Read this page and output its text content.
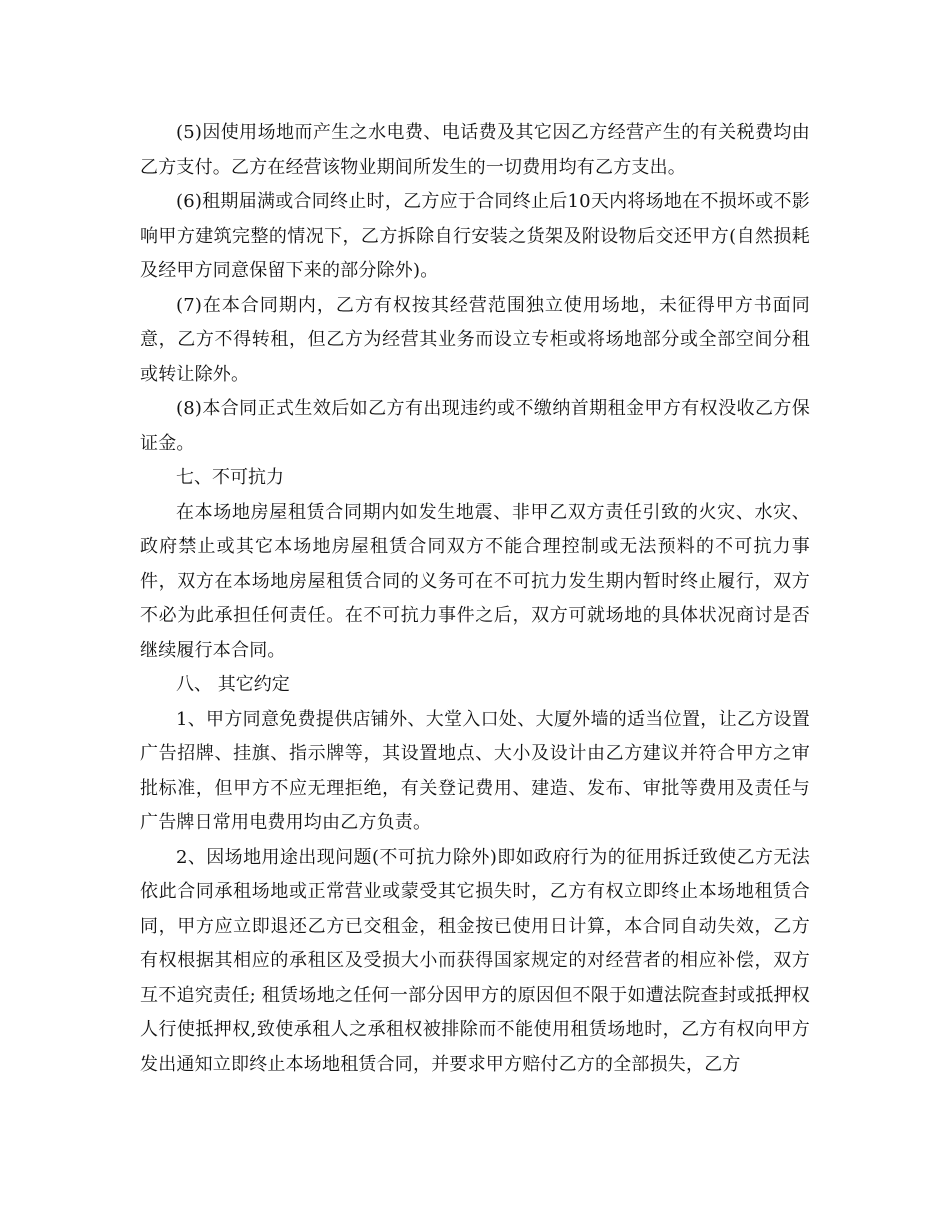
(5)因使用场地而产生之水电费、电话费及其它因乙方经营产生的有关税费均由乙方支付。乙方在经营该物业期间所发生的一切费用均有乙方支出。

(6)租期届满或合同终止时，乙方应于合同终止后10天内将场地在不损坏或不影响甲方建筑完整的情况下，乙方拆除自行安装之货架及附设物后交还甲方(自然损耗及经甲方同意保留下来的部分除外)。

(7)在本合同期内，乙方有权按其经营范围独立使用场地，未征得甲方书面同意，乙方不得转租，但乙方为经营其业务而设立专柜或将场地部分或全部空间分租或转让除外。

(8)本合同正式生效后如乙方有出现违约或不缴纳首期租金甲方有权没收乙方保证金。

七、不可抗力

在本场地房屋租赁合同期内如发生地震、非甲乙双方责任引致的火灾、水灾、政府禁止或其它本场地房屋租赁合同双方不能合理控制或无法预料的不可抗力事件，双方在本场地房屋租赁合同的义务可在不可抗力发生期内暂时终止履行，双方不必为此承担任何责任。在不可抗力事件之后，双方可就场地的具体状况商讨是否继续履行本合同。

八、 其它约定

1、甲方同意免费提供店铺外、大堂入口处、大厦外墙的适当位置，让乙方设置广告招牌、挂旗、指示牌等，其设置地点、大小及设计由乙方建议并符合甲方之审批标准，但甲方不应无理拒绝，有关登记费用、建造、发布、审批等费用及责任与广告牌日常用电费用均由乙方负责。

2、因场地用途出现问题(不可抗力除外)即如政府行为的征用拆迁致使乙方无法依此合同承租场地或正常营业或蒙受其它损失时，乙方有权立即终止本场地租赁合同，甲方应立即退还乙方已交租金，租金按已使用日计算，本合同自动失效，乙方有权根据其相应的承租区及受损大小而获得国家规定的对经营者的相应补偿，双方互不追究责任; 租赁场地之任何一部分因甲方的原因但不限于如遭法院查封或抵押权人行使抵押权,致使承租人之承租权被排除而不能使用租赁场地时，乙方有权向甲方发出通知立即终止本场地租赁合同，并要求甲方赔付乙方的全部损失，乙方
